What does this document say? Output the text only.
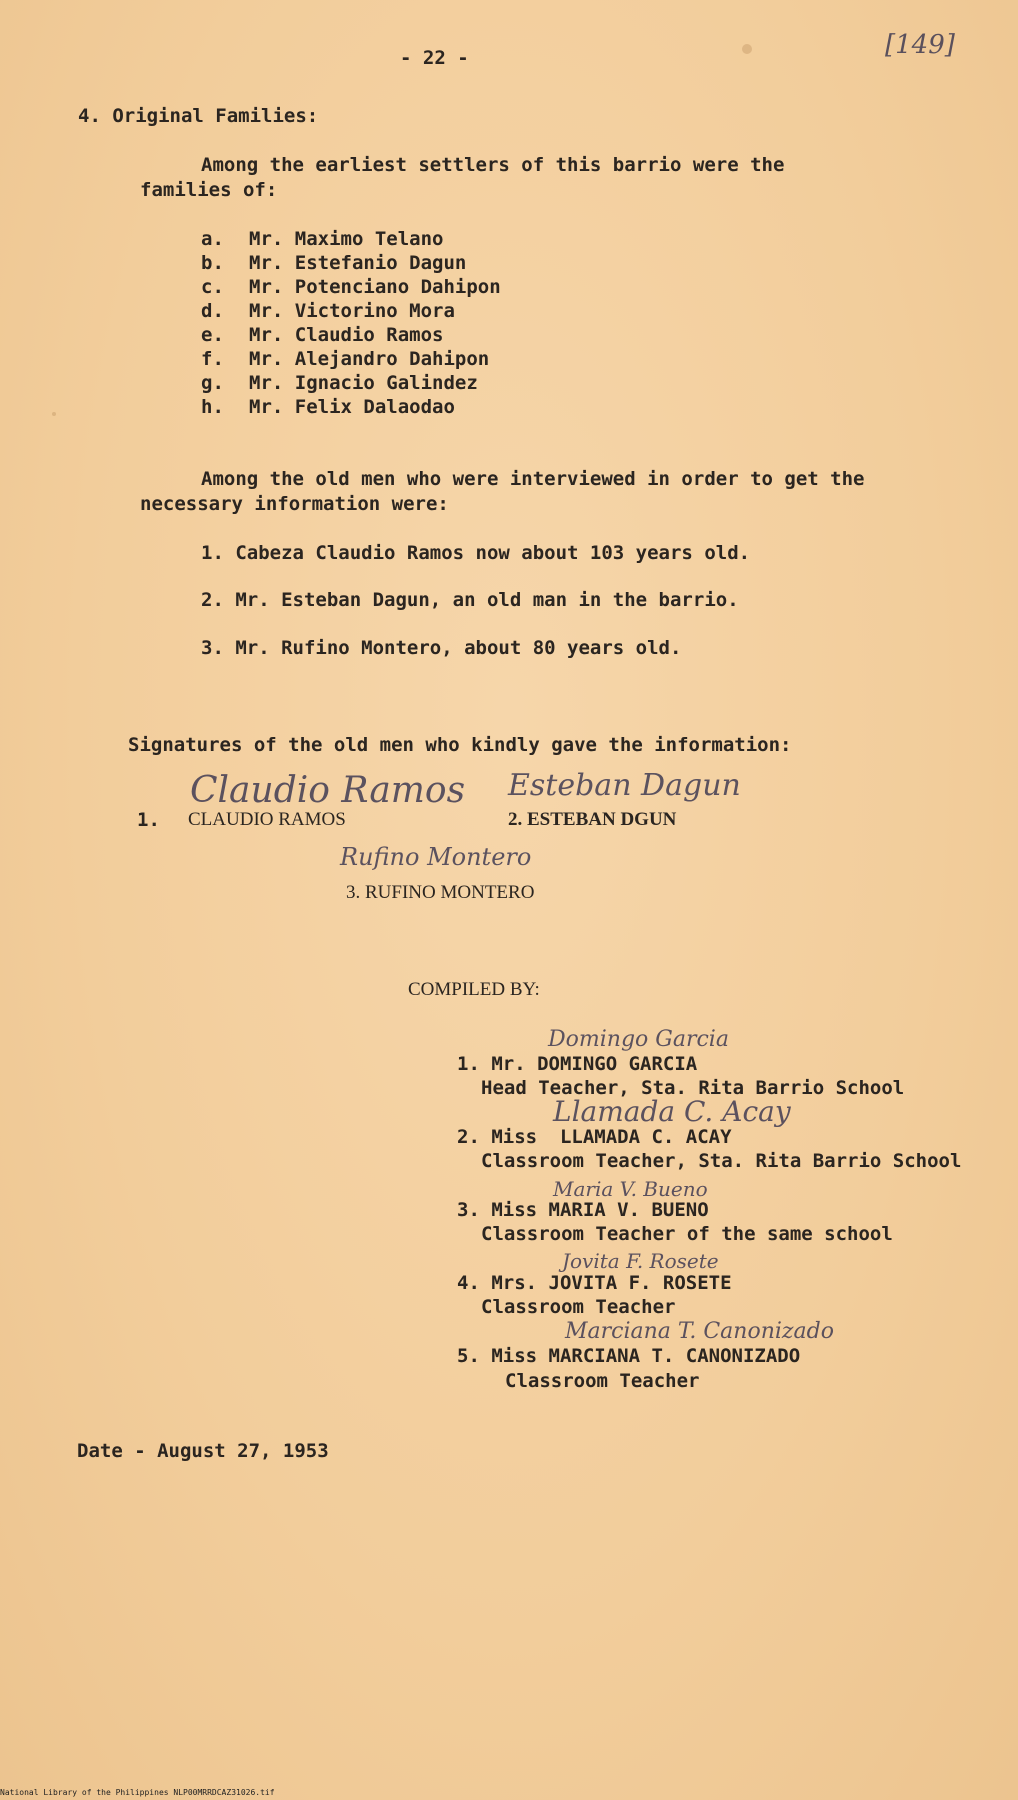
- 22 -	[149]
4. Original Families:
Among the earliest settlers of this barrio were the
families of:
a. Mr. Maximo Telano
b. Mr. Estefanio Dagun
c. Mr. Potenciano Dahipon
d. Mr. Victorino Mora
e. Mr. Claudio Ramos
f. Mr. Alejandro Dahipon
g. Mr. Ignacio Galindez
h. Mr. Felix Dalaodao
Among the old men who were interviewed in order to get the
necessary information were:
1. Cabeza Claudio Ramos now about 103 years old.
2. Mr. Esteban Dagun, an old man in the barrio.
3. Mr. Rufino Montero, about 80 years old.
Signatures of the old men who kindly gave the information:
1. CLAUDIO RAMOS
Claudio Ramos
2. ESTEBAN DGUN
Esteban Dagun
Rufino Montero
3. RUFINO MONTERO
COMPILED BY:
Domingo Garcia
1. Mr. DOMINGO GARCIA
Head Teacher, Sta. Rita Barrio School
Llamada C. Acay
2. Miss  LLAMADA C. ACAY
Classroom Teacher, Sta. Rita Barrio School
Maria V. Bueno
3. Miss MARIA V. BUENO
Classroom Teacher of the same school
Jovita F. Rosete
4. Mrs. JOVITA F. ROSETE
Classroom Teacher
Marciana T. Canonizado
5. Miss MARCIANA T. CANONIZADO
Classroom Teacher
Date - August 27, 1953
National Library of the Philippines NLP00MRRDCAZ31026.tif
